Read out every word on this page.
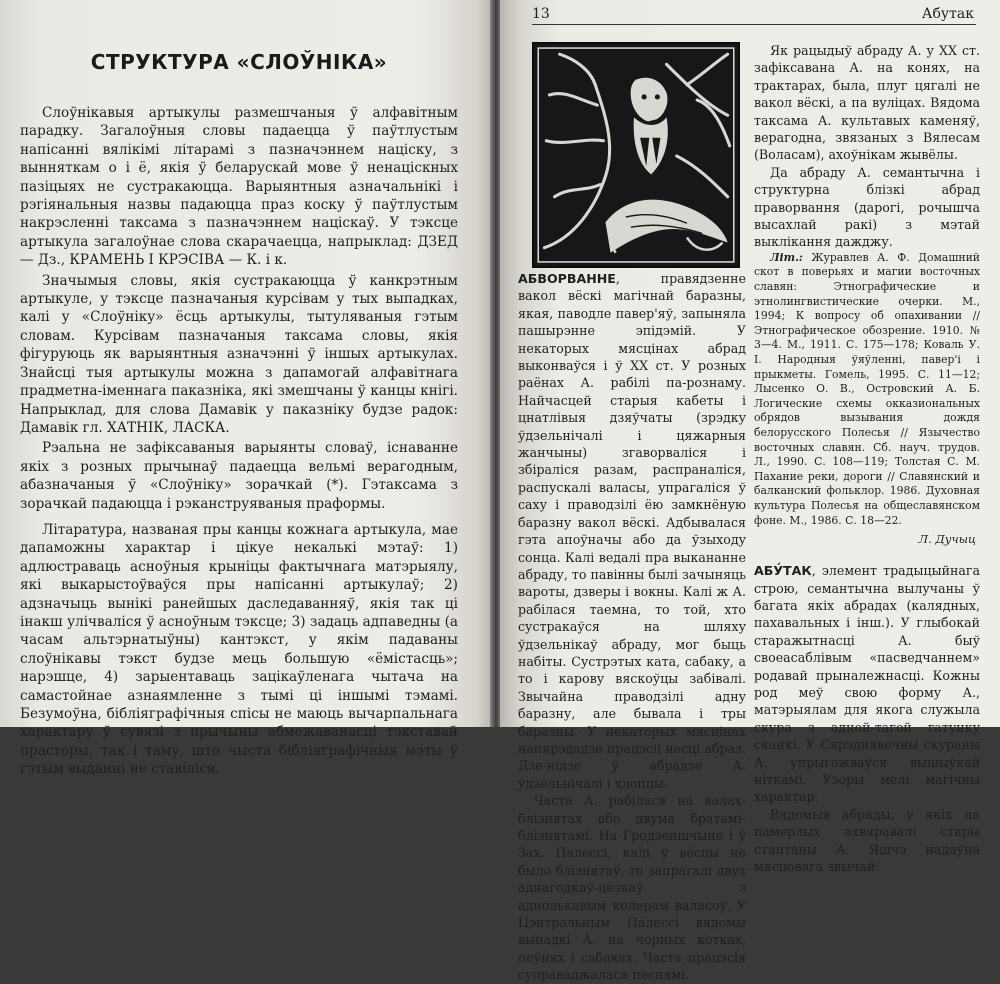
СТРУКТУРА «СЛОЎНІКА»

Слоўнікавыя артыкулы размешчаныя ў алфавітным парадку. Загалоўныя словы падаецца ў паўтлустым напісанні вялікімі літарамі з пазначэннем націску, з вынняткам о і ё, якія ў беларускай мове ў ненаціскных пазіцыях не сустракаюцца. Варыянтныя азначальнікі і рэгіянальныя назвы падаюцца праз коску ў паўтлустым накрэсленні таксама з пазначэннем націскаў. У тэксце артыкула загалоўнае слова скарачаецца, напрыклад: ДЗЕД — Дз., КРАМЕНЬ І КРЭСІВА — К. і к.

Значымыя словы, якія сустракаюцца ў канкрэтным артыкуле, у тэксце пазначаныя курсівам у тых выпадках, калі у «Слоўніку» ёсць артыкулы, тытуляваныя гэтым словам. Курсівам пазначаныя таксама словы, якія фігуруюць як варыянтныя азначэнні ў іншых артыкулах. Знайсці тыя артыкулы можна з дапамогай алфавітнага прадметна-іменнага паказніка, які змешчаны ў канцы кнігі. Напрыклад, для слова Дамавік у паказніку будзе радок: Дамавік гл. ХАТНІК, ЛАСКА.

Рэальна не зафіксаваныя варыянты словаў, існаванне якіх з розных прычынаў падаецца вельмі верагодным, абазначаныя ў «Слоўніку» зорачкай (*). Гэтаксама з зорачкай падаюцца і рэканструяваныя праформы.

Літаратура, названая пры канцы кожнага артыкула, мае дапаможны характар і цікуе некалькі мэтаў: 1) адлюстраваць асноўныя крыніцы фактычнага матэрыялу, які выкарыстоўваўся пры напісанні артыкулаў; 2) адзначыць вынікі ранейшых даследаванняў, якія так ці інакш улічваліся ў асноўным тэксце; 3) задаць адпаведны (а часам альтэрнатыўны) кантэкст, у якім падаваны слоўнікавы тэкст будзе мець большую «ёмістасць»; нарэшце, 4) зарыентаваць зацікаўленага чытача на самастойнае азнаямленне з тымі ці іншымі тэмамі. Безумоўна, бібліяграфічныя спісы не маюць вычарпальнага характару ў сувязі з прычыны абмежаванасці тэкставай прасторы, так і таму, што чыста бібліяграфічныя мэты ў гэтым выданні не ставіліся.

13	Абутак

АБВОРВАННЕ, правядзенне вакол вёскі магічнай баразны, якая, паводле павер'яў, запыняла пашырэнне эпідэмій. У некаторых мясцінах абрад выконваўся і ў XX ст. У розных раёнах А. рабілі па-рознаму. Найчасцей старыя кабеты і цнатлівыя дзяўчаты (зрэдку ўдзельнічалі і цяжарныя жанчыны) згаворваліся і збіраліся разам, распраналіся, распускалі валасы, упрагаліся ў саху і праводзілі ёю замкнёную баразну вакол вёскі. Адбывалася гэта апоўначы або да ўзыходу сонца. Калі ведалі пра выкананне абраду, то павінны былі зачыняць вароты, дзверы і вокны. Калі ж А. рабілася таемна, то той, хто сустракаўся на шляху ўдзельнікаў абраду, мог быць набіты. Сустрэтых ката, сабаку, а то і карову вяскоўцы забівалі. Звычайна праводзілі адну баразну, але бывала і тры баразны. У некаторых мясцінах напярэдадзе працэсіі несці абраз. Дзе-нідзе ў абрадзе А. ўдзельнічалі і хлопцы.

Часта А. рабілася на валах-блізнятах або двума братамі-блізнятамі. На Гродзеншчыне і ў Зах. Палессі, калі ў вёсцы не было блізнятаў, то запрагалі двух аднагодкаў-цёзкаў з аднолькавым колерам валасоў. У Цэнтральным Палессі вядомы выпадкі А. на чорных котках, пеўнях і сабаках. Часта працэсія суправаджалася песнямі.

Як рацыдыў абраду А. у ХХ ст. зафіксавана А. на конях, на трактарах, была, плуг цягалі не вакол вёскі, а па вуліцах. Вядома таксама А. культавых каменяў, верагодна, звязаных з Вялесам (Воласам), ахоўнікам жывёлы.

Да абраду А. семантычна і структурна блізкі абрад праворвання (дарогі, рочышча высахлай ракі) з мэтай выклікання дажджу.

Літ.: Журавлев А. Ф. Домашний скот в поверьях и магии восточных славян: Этнографические и этнолингвистические очерки. М., 1994; К вопросу об опахивании // Этнографическое обозрение. 1910. № 3—4. М., 1911. С. 175—178; Коваль У. І. Народныя ўяўленні, павер'і і прыкметы. Гомель, 1995. С. 11—12; Лысенко О. В., Островский А. Б. Логические схемы окказиональных обрядов вызывания дождя белорусского Полесья // Язычество восточных славян. Сб. науч. трудов. Л., 1990. С. 108—119; Толстая С. М. Пахание реки, дороги // Славянский и балканский фольклор. 1986. Духовная культура Полесья на общеславянском фоне. М., 1986. С. 18—22.

Л. Дучыц

АБУ́ТАК, элемент традыцыйнага строю, семантычна вылучаны ў багата якіх абрадах (калядных, пахавальных і інш.). У глыбокай старажытнасці А. быў своеасаблівым «пасведчаннем» родавай прыналежнасці. Кожны род меў свою форму А., матэрыялам для якога служыла скура з адной-тагой гатунку сканкі. У Сярэднявечны скураны А. упрыгожваўся вышыўкай ніткамі. Узоры мелі магічны характар.

Вядомыя абрады, у якіх па памерлых ахвяравалі стары стаптаны А. Яшчэ надаўна мясцовага звычай:
